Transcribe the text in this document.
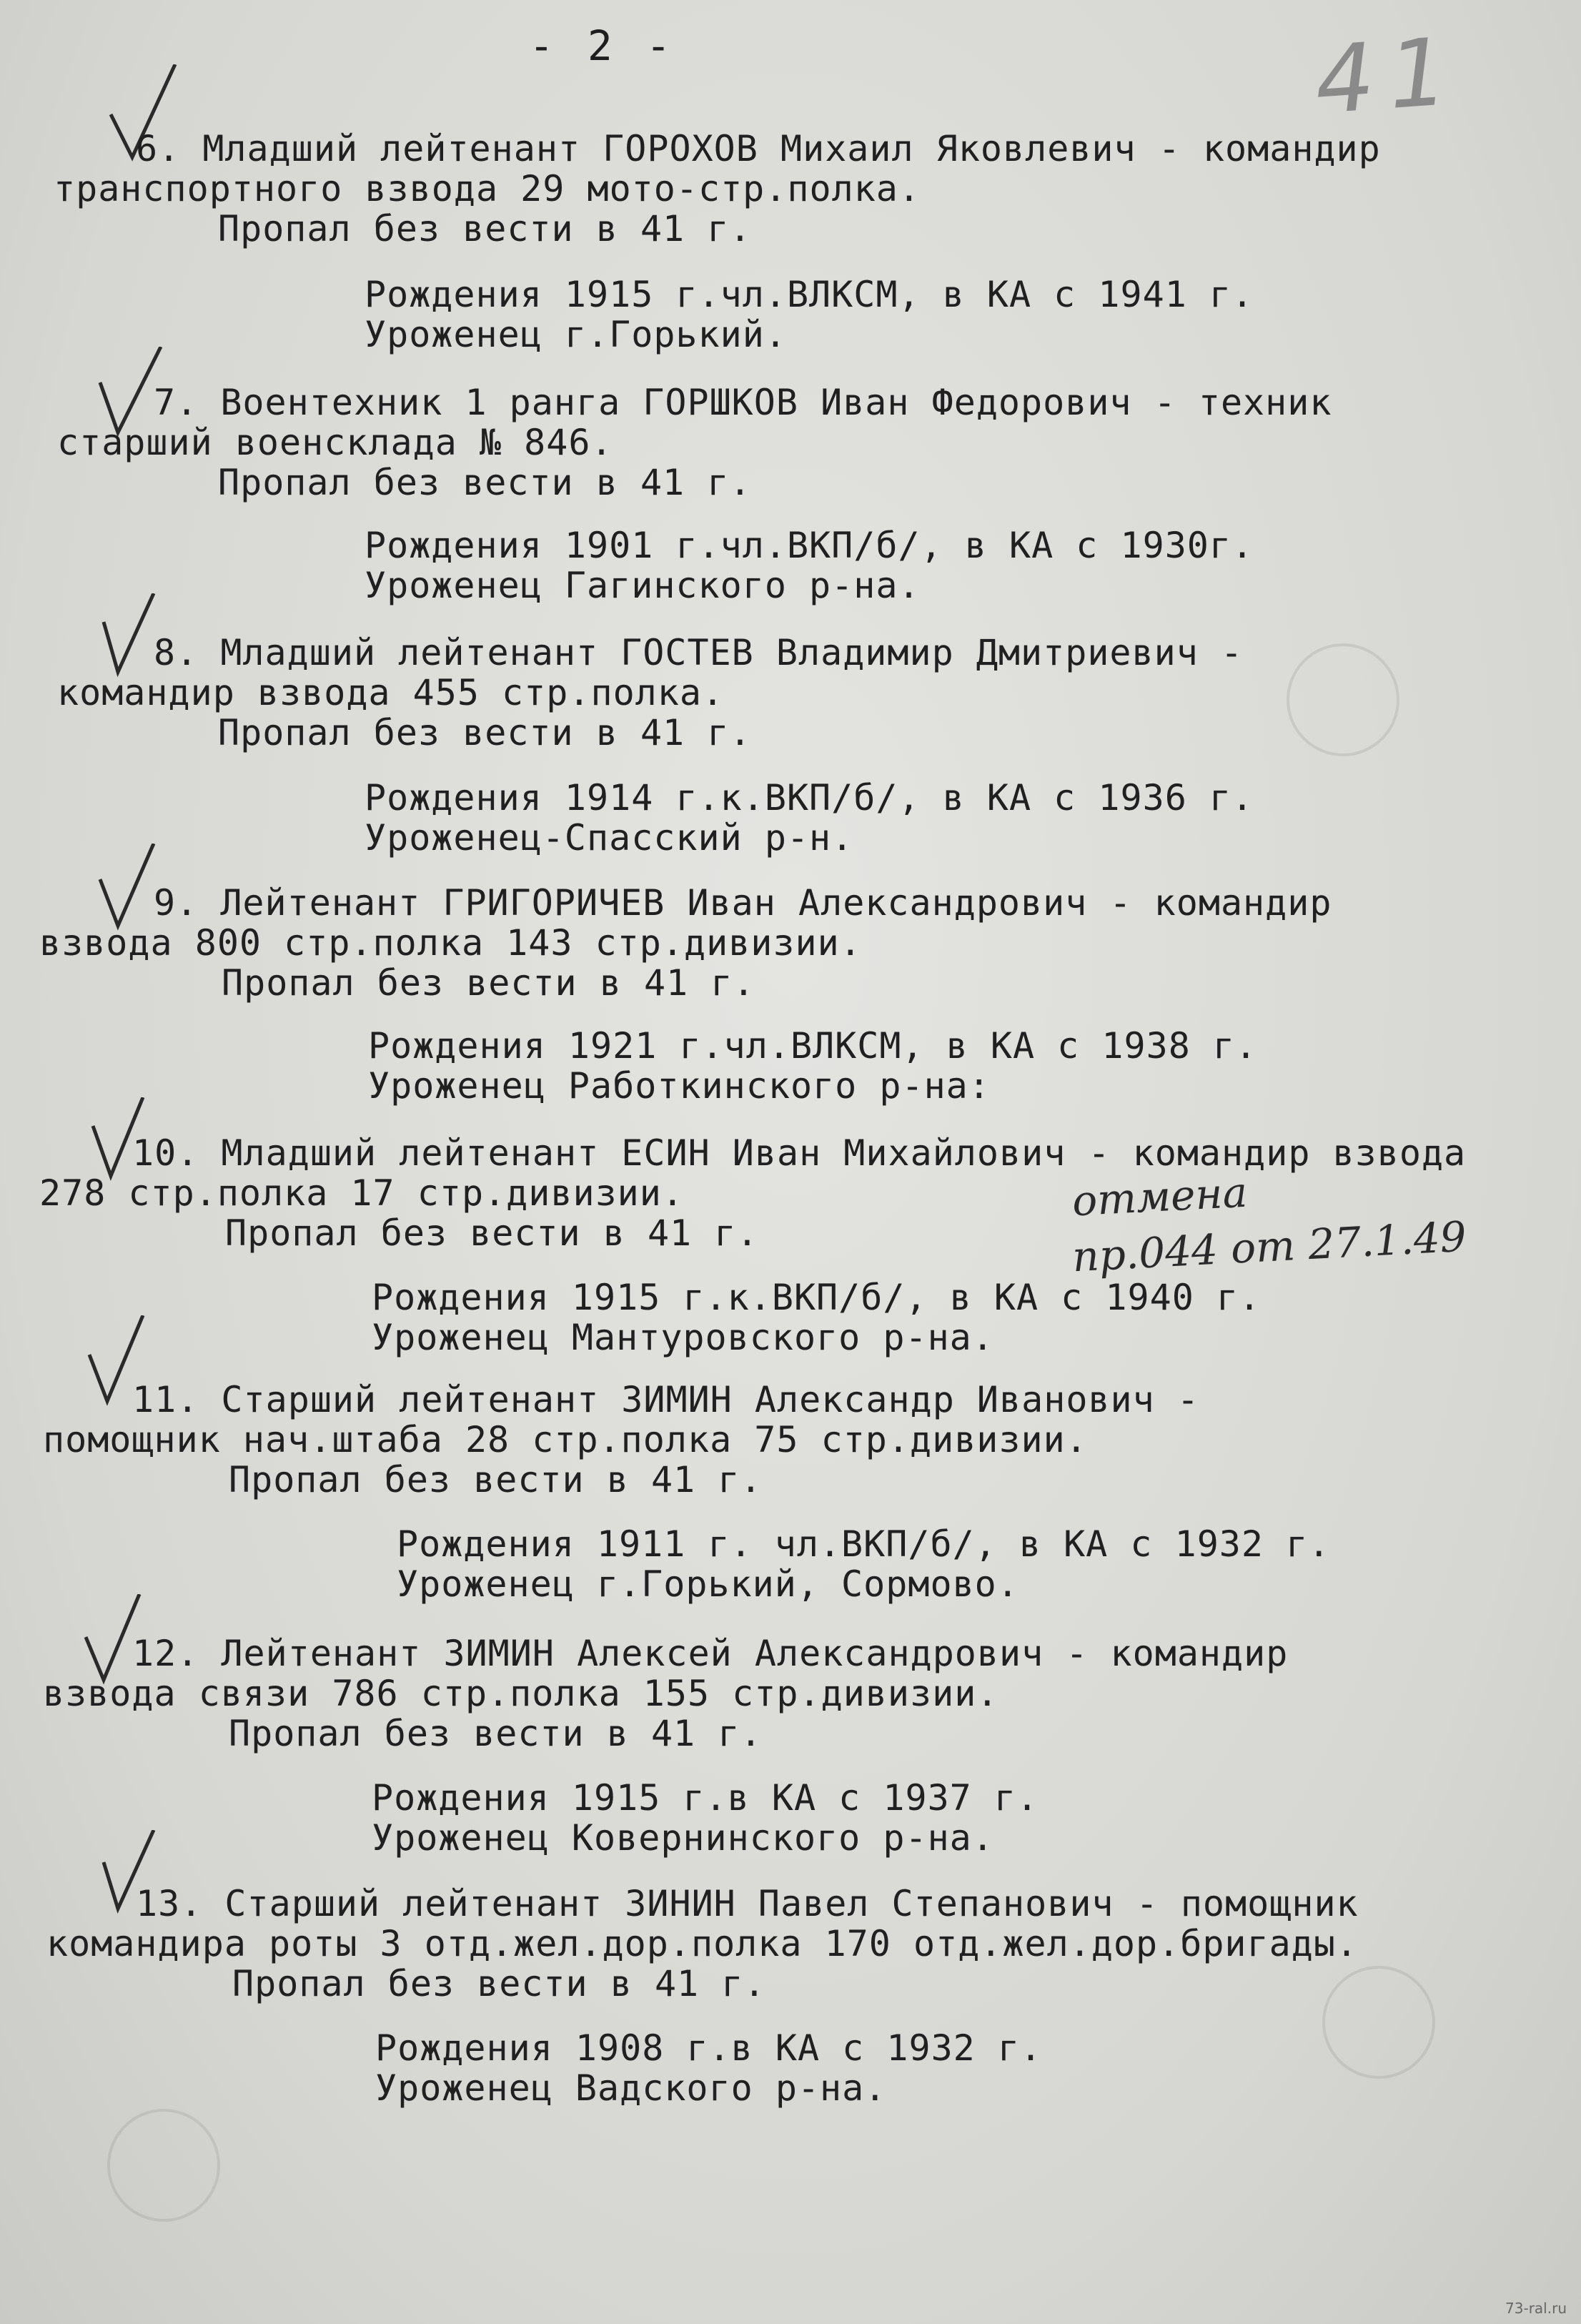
- 2 -	41
6. Младший лейтенант ГОРОХОВ Михаил Яковлевич - командир
транспортного взвода 29 мото-стр.полка.
Пропал без вести в 41 г.
Рождения 1915 г.чл.ВЛКСМ, в КА с 1941 г.
Уроженец г.Горький.
7. Воентехник 1 ранга ГОРШКОВ Иван Федорович - техник
старший военсклада № 846.
Пропал без вести в 41 г.
Рождения 1901 г.чл.ВКП/б/, в КА с 1930г.
Уроженец Гагинского р-на.
8. Младший лейтенант ГОСТЕВ Владимир Дмитриевич -
командир взвода 455 стр.полка.
Пропал без вести в 41 г.
Рождения 1914 г.к.ВКП/б/, в КА с 1936 г.
Уроженец-Спасский р-н.
9. Лейтенант ГРИГОРИЧЕВ Иван Александрович - командир
взвода 800 стр.полка 143 стр.дивизии.
Пропал без вести в 41 г.
Рождения 1921 г.чл.ВЛКСМ, в КА с 1938 г.
Уроженец Работкинского р-на:
10. Младший лейтенант ЕСИН Иван Михайлович - командир взвода
278 стр.полка 17 стр.дивизии.
Пропал без вести в 41 г.
Рождения 1915 г.к.ВКП/б/, в КА с 1940 г.
Уроженец Мантуровского р-на.
отмена
пр.044 от 27.1.49
11. Старший лейтенант ЗИМИН Александр Иванович -
помощник нач.штаба 28 стр.полка 75 стр.дивизии.
Пропал без вести в 41 г.
Рождения 1911 г. чл.ВКП/б/, в КА с 1932 г.
Уроженец г.Горький, Сормово.
12. Лейтенант ЗИМИН Алексей Александрович - командир
взвода связи 786 стр.полка 155 стр.дивизии.
Пропал без вести в 41 г.
Рождения 1915 г.в КА с 1937 г.
Уроженец Ковернинского р-на.
13. Старший лейтенант ЗИНИН Павел Степанович - помощник
командира роты 3 отд.жел.дор.полка 170 отд.жел.дор.бригады.
Пропал без вести в 41 г.
Рождения 1908 г.в КА с 1932 г.
Уроженец Вадского р-на.
73-ral.ru
